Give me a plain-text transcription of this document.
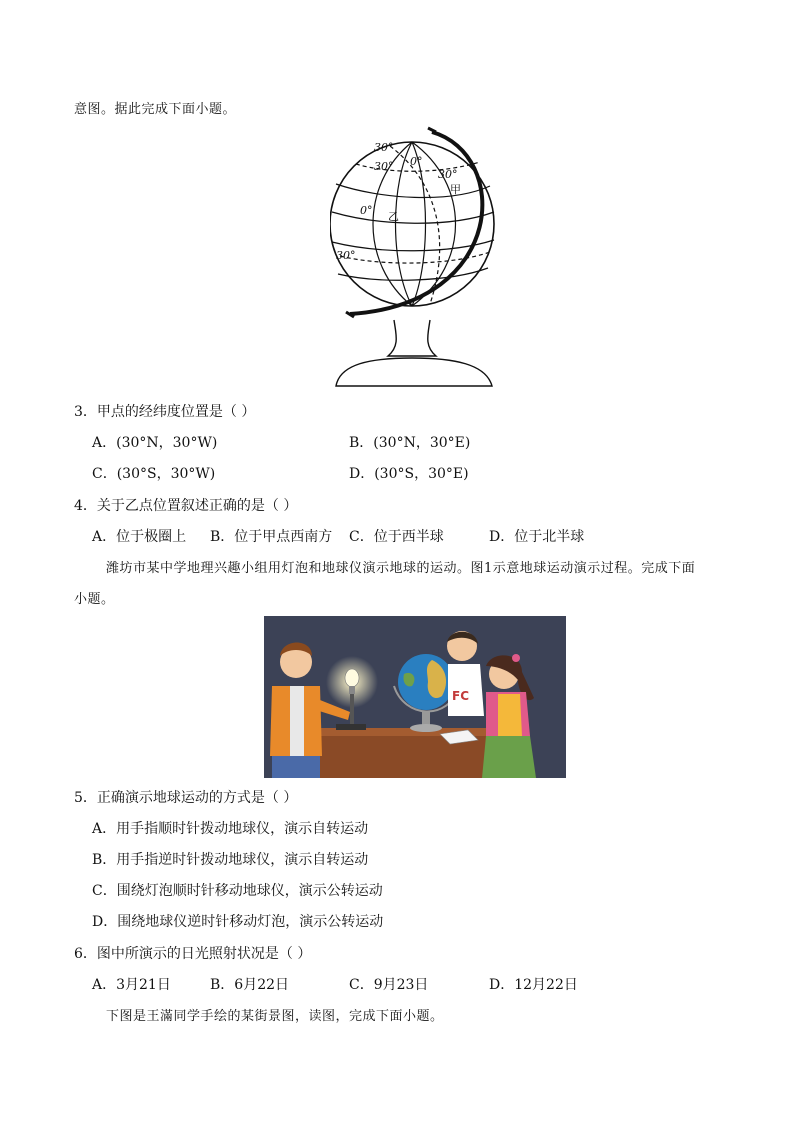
意图。据此完成下面小题。
30°
0°
30°
30°
甲
0° 乙
30°
3．甲点的经纬度位置是（ ）
A．(30°N，30°W)	B．(30°N，30°E)
C．(30°S，30°W)	D．(30°S，30°E)
4．关于乙点位置叙述正确的是（ ）
A．位于极圈上 B．位于甲点西南方 C．位于西半球	D．位于北半球
潍坊市某中学地理兴趣小组用灯泡和地球仪演示地球的运动。图1示意地球运动演示过程。完成下面
小题。
FC
5．正确演示地球运动的方式是（ ）
A．用手指顺时针拨动地球仪，演示自转运动
B．用手指逆时针拨动地球仪，演示自转运动
C．围绕灯泡顺时针移动地球仪，演示公转运动
D．围绕地球仪逆时针移动灯泡，演示公转运动
6．图中所演示的日光照射状况是（ ）
A．3月21日	B．6月22日	C．9月23日	D．12月22日
下图是王滿同学手绘的某街景图，读图，完成下面小题。
